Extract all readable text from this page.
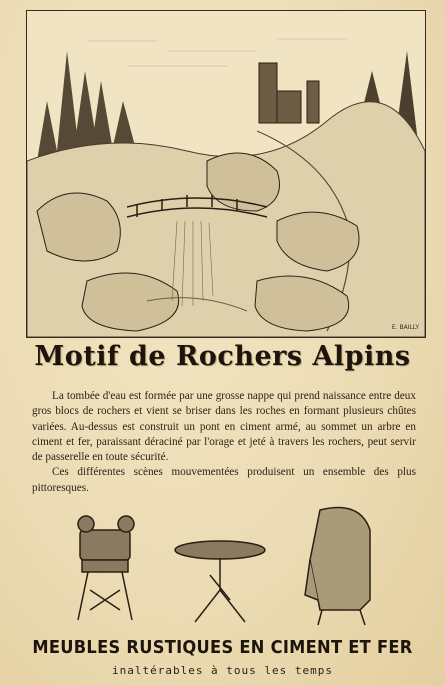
E. BAILLY
Motif de Rochers Alpins

La tombée d'eau est formée par une grosse nappe qui prend naissance entre deux gros blocs de rochers et vient se briser dans les roches en formant plusieurs chûtes variées. Au-dessus est construit un pont en ciment armé, au sommet un arbre en ciment et fer, paraissant déraciné par l'orage et jeté à travers les rochers, peut servir de passerelle en toute sécurité.

Ces différentes scènes mouvementées produisent un ensemble des plus pittoresques.

MEUBLES RUSTIQUES EN CIMENT ET FER
inaltérables à tous les temps
